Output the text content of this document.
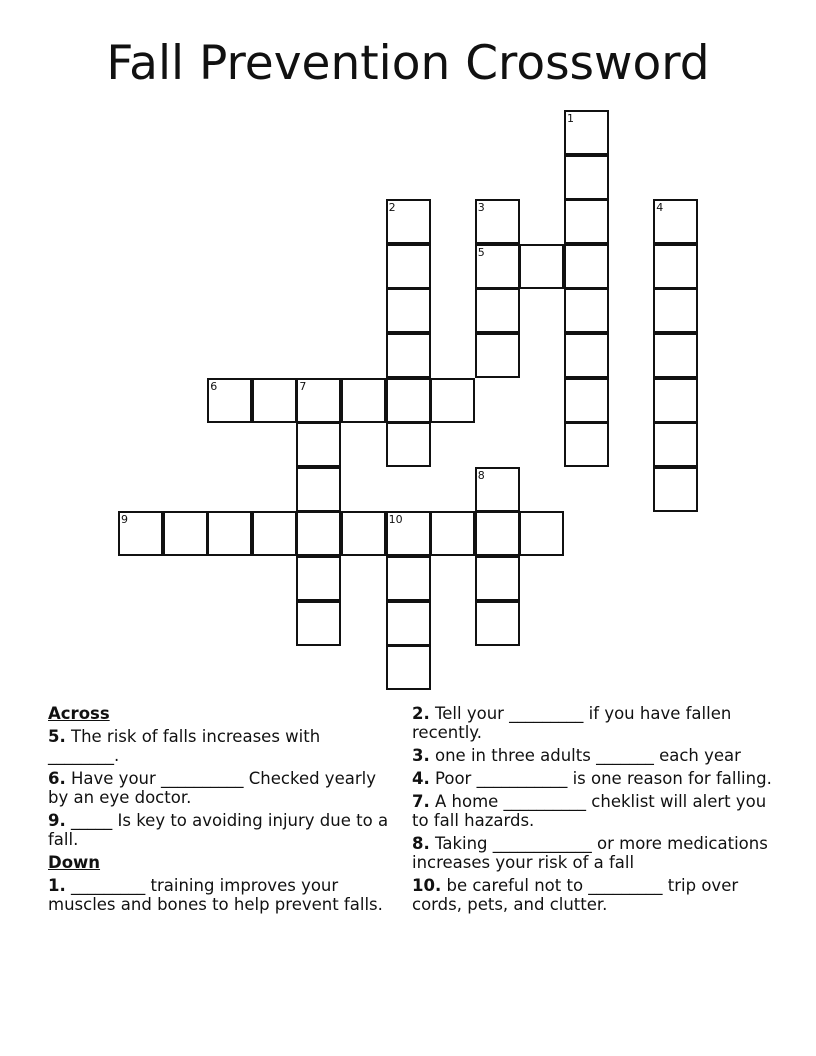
Fall Prevention Crossword
1
2	3
5
4
6	7
8
9	10
Across
5. The risk of falls increases with ________.
6. Have your __________ Checked yearly by an eye doctor.
9. _____ Is key to avoiding injury due to a fall.
Down
1. _________ training improves your muscles and bones to help prevent falls.
2. Tell your _________ if you have fallen recently.
3. one in three adults _______ each year
4. Poor ___________ is one reason for falling.
7. A home __________ cheklist will alert you to fall hazards.
8. Taking ____________ or more medications increases your risk of a fall
10. be careful not to _________ trip over cords, pets, and clutter.
